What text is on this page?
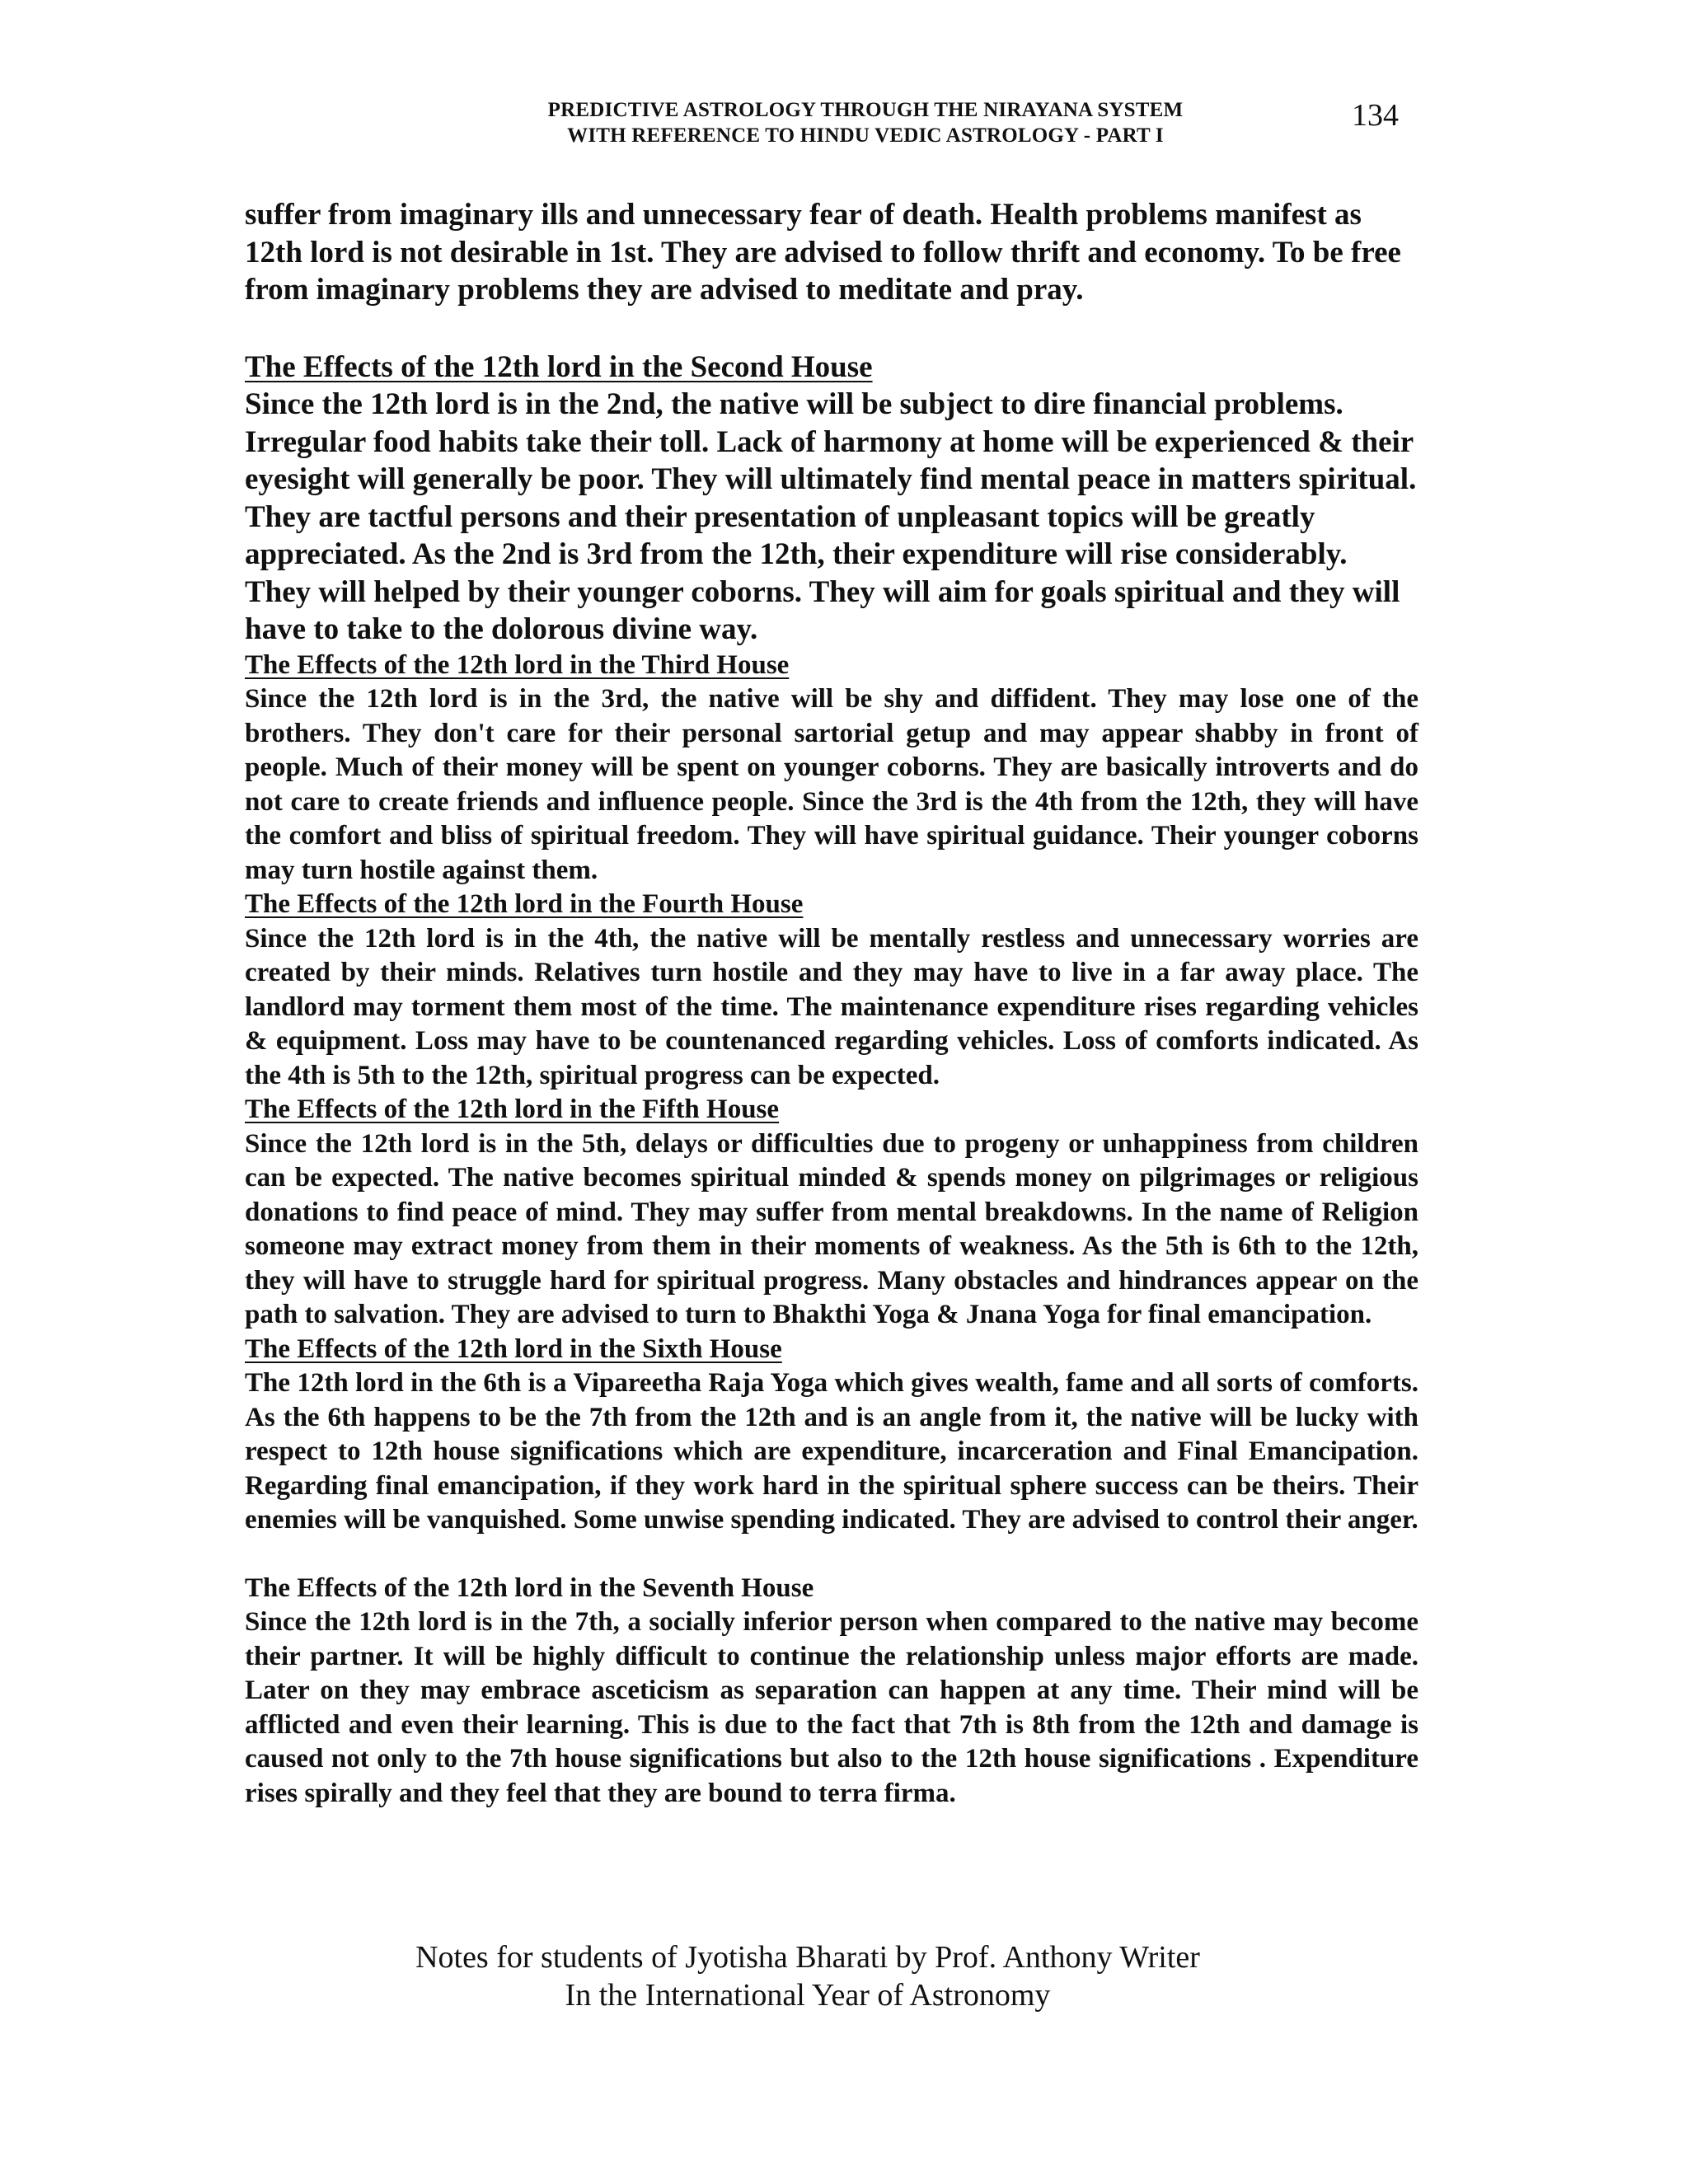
PREDICTIVE ASTROLOGY THROUGH THE NIRAYANA SYSTEM
WITH REFERENCE TO HINDU VEDIC ASTROLOGY - PART I
134

suffer from imaginary ills and unnecessary fear of death. Health problems manifest as 12th lord is not desirable in 1st. They are advised to follow thrift and economy. To be free from imaginary problems they are advised to meditate and pray.

The Effects of the 12th lord in the Second House

Since the 12th lord is in the 2nd, the native will be subject to dire financial problems. Irregular food habits take their toll. Lack of harmony at home will be experienced & their eyesight will generally be poor. They will ultimately find mental peace in matters spiritual. They are tactful persons and their presentation of unpleasant topics will be greatly appreciated. As the 2nd is 3rd from the 12th, their expenditure will rise considerably. They will helped by their younger coborns. They will aim for goals spiritual and they will have to take to the dolorous divine way.

The Effects of the 12th lord in the Third House

Since the 12th lord is in the 3rd, the native will be shy and diffident. They may lose one of the brothers. They don't care for their personal sartorial getup and may appear shabby in front of people. Much of their money will be spent on younger coborns. They are basically introverts and do not care to create friends and influence people. Since the 3rd is the 4th from the 12th, they will have the comfort and bliss of spiritual freedom. They will have spiritual guidance. Their younger coborns may turn hostile against them.

The Effects of the 12th lord in the Fourth House

Since the 12th lord is in the 4th, the native will be mentally restless and unnecessary worries are created by their minds. Relatives turn hostile and they may have to live in a far away place. The landlord may torment them most of the time. The maintenance expenditure rises regarding vehicles & equipment. Loss may have to be countenanced regarding vehicles. Loss of comforts indicated. As the 4th is 5th to the 12th, spiritual progress can be expected.

The Effects of the 12th lord in the Fifth House

Since the 12th lord is in the 5th, delays or difficulties due to progeny or unhappiness from children can be expected. The native becomes spiritual minded & spends money on pilgrimages or religious donations to find peace of mind. They may suffer from mental breakdowns. In the name of Religion someone may extract money from them in their moments of weakness. As the 5th is 6th to the 12th, they will have to struggle hard for spiritual progress. Many obstacles and hindrances appear on the path to salvation. They are advised to turn to Bhakthi Yoga & Jnana Yoga for final emancipation.

The Effects of the 12th lord in the Sixth House

The 12th lord in the 6th is a Vipareetha Raja Yoga which gives wealth, fame and all sorts of comforts. As the 6th happens to be the 7th from the 12th and is an angle from it, the native will be lucky with respect to 12th house significations which are expenditure, incarceration and Final Emancipation. Regarding final emancipation, if they work hard in the spiritual sphere success can be theirs. Their enemies will be vanquished. Some unwise spending indicated. They are advised to control their anger.

The Effects of the 12th lord in the Seventh House

Since the 12th lord is in the 7th, a socially inferior person when compared to the native may become their partner. It will be highly difficult to continue the relationship unless major efforts are made. Later on they may embrace asceticism as separation can happen at any time. Their mind will be afflicted and even their learning. This is due to the fact that 7th is 8th from the 12th and damage is caused not only to the 7th house significations but also to the 12th house significations . Expenditure rises spirally and they feel that they are bound to terra firma.

Notes for students of Jyotisha Bharati by Prof. Anthony Writer
In the International Year of Astronomy
